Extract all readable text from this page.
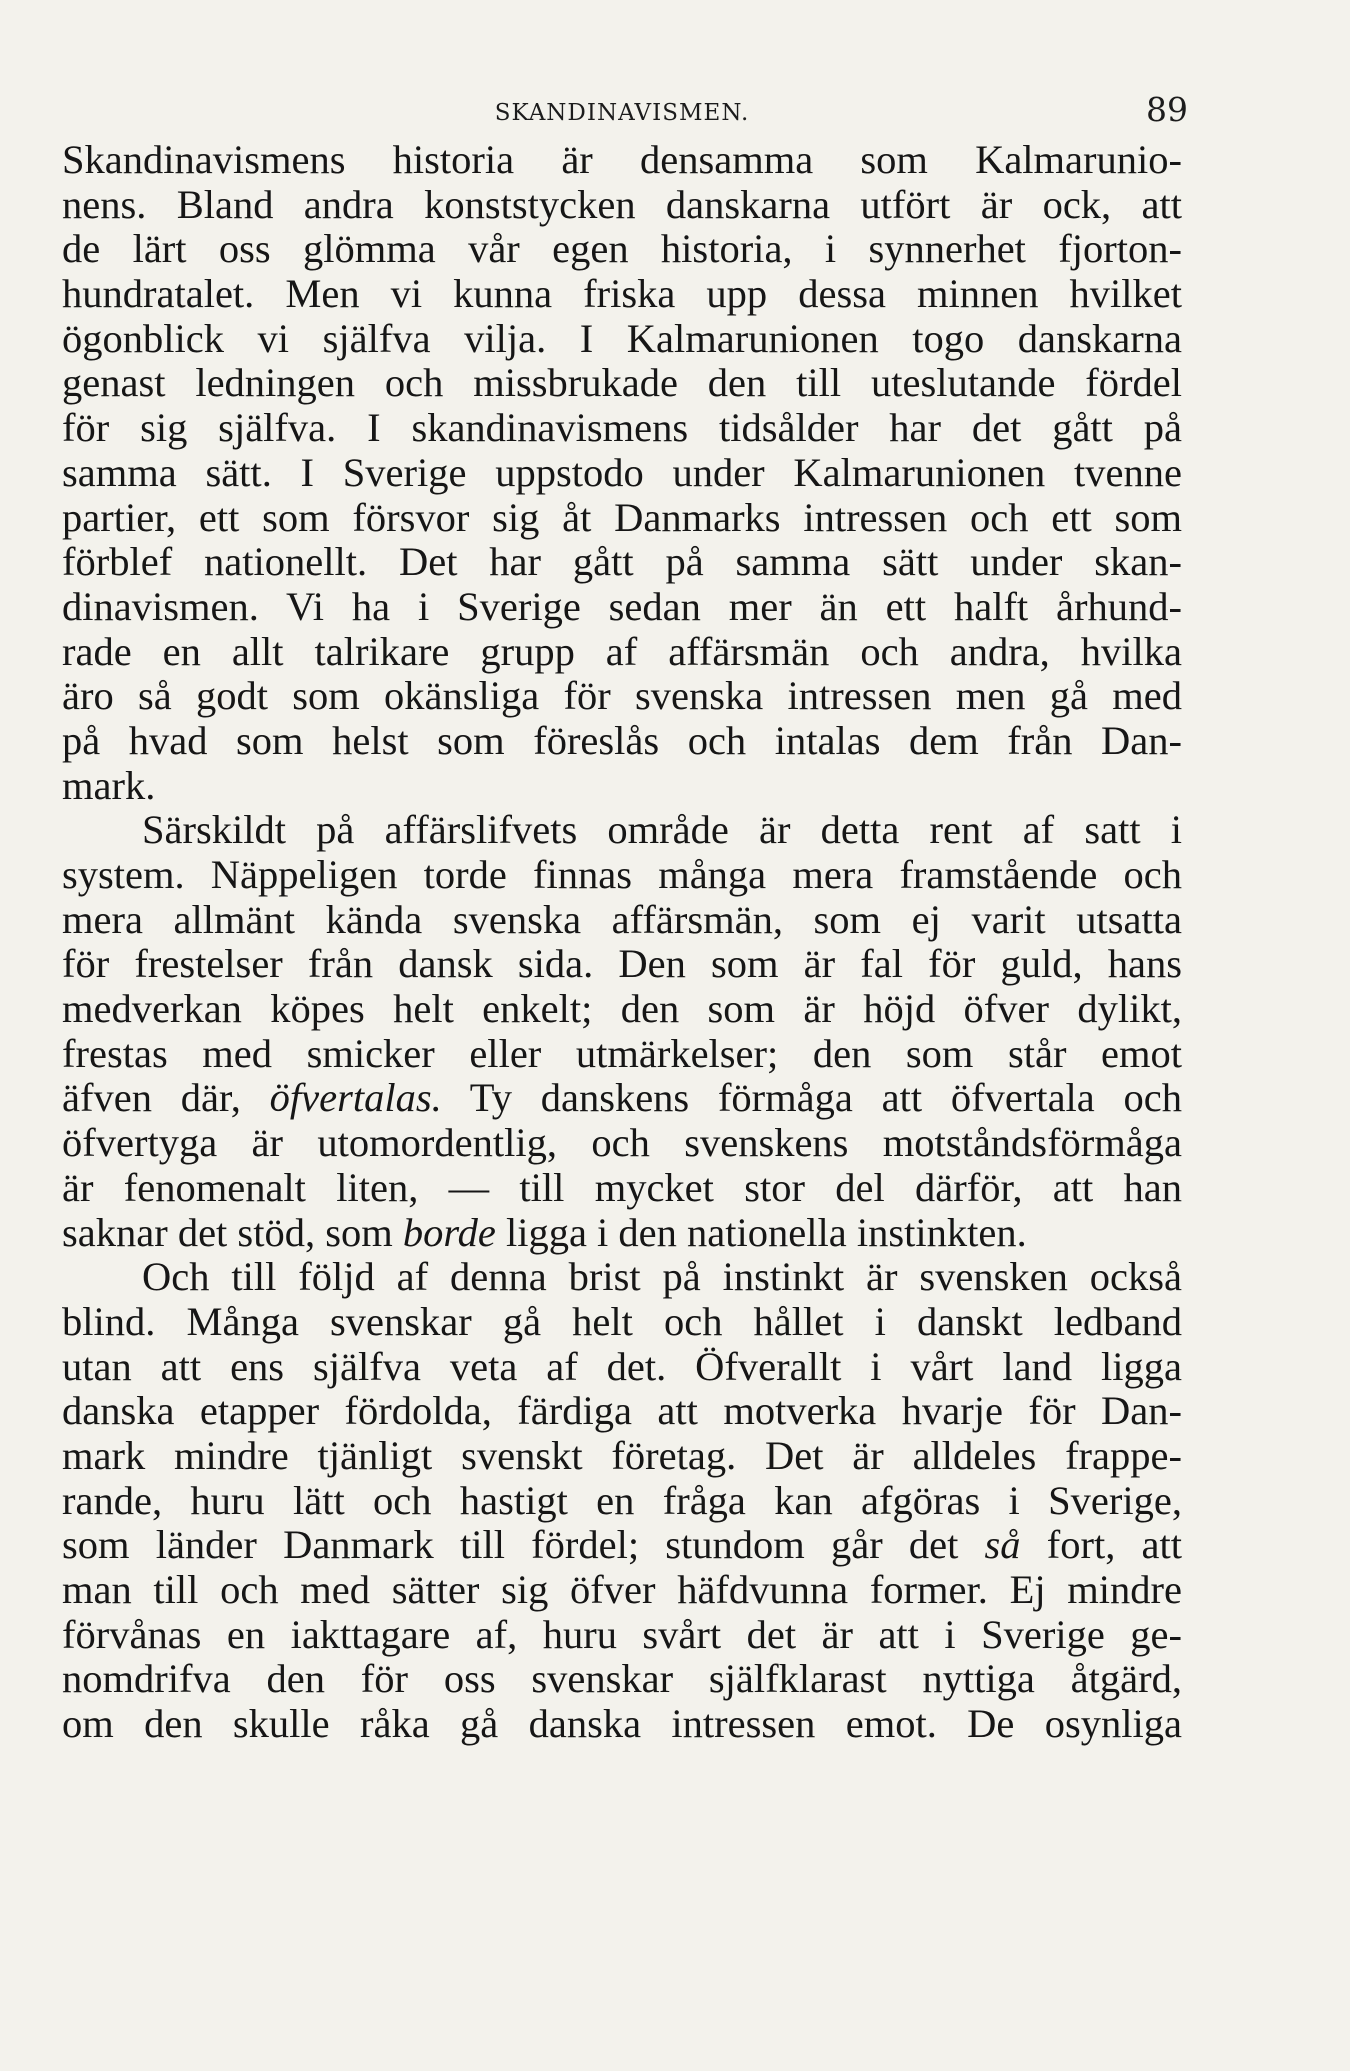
SKANDINAVISMEN.	89
Skandinavismens historia är densamma som Kalmarunio-
nens. Bland andra konststycken danskarna utfört är ock, att
de lärt oss glömma vår egen historia, i synnerhet fjorton-
hundratalet. Men vi kunna friska upp dessa minnen hvilket
ögonblick vi själfva vilja. I Kalmarunionen togo danskarna
genast ledningen och missbrukade den till uteslutande fördel
för sig själfva. I skandinavismens tidsålder har det gått på
samma sätt. I Sverige uppstodo under Kalmarunionen tvenne
partier, ett som försvor sig åt Danmarks intressen och ett som
förblef nationellt. Det har gått på samma sätt under skan-
dinavismen. Vi ha i Sverige sedan mer än ett halft århund-
rade en allt talrikare grupp af affärsmän och andra, hvilka
äro så godt som okänsliga för svenska intressen men gå med
på hvad som helst som föreslås och intalas dem från Dan-
mark.
Särskildt på affärslifvets område är detta rent af satt i
system. Näppeligen torde finnas många mera framstående och
mera allmänt kända svenska affärsmän, som ej varit utsatta
för frestelser från dansk sida. Den som är fal för guld, hans
medverkan köpes helt enkelt; den som är höjd öfver dylikt,
frestas med smicker eller utmärkelser; den som står emot
äfven där, öfvertalas. Ty danskens förmåga att öfvertala och
öfvertyga är utomordentlig, och svenskens motståndsförmåga
är fenomenalt liten, — till mycket stor del därför, att han
saknar det stöd, som borde ligga i den nationella instinkten.
Och till följd af denna brist på instinkt är svensken också
blind. Många svenskar gå helt och hållet i danskt ledband
utan att ens själfva veta af det. Öfverallt i vårt land ligga
danska etapper fördolda, färdiga att motverka hvarje för Dan-
mark mindre tjänligt svenskt företag. Det är alldeles frappe-
rande, huru lätt och hastigt en fråga kan afgöras i Sverige,
som länder Danmark till fördel; stundom går det så fort, att
man till och med sätter sig öfver häfdvunna former. Ej mindre
förvånas en iakttagare af, huru svårt det är att i Sverige ge-
nomdrifva den för oss svenskar själfklarast nyttiga åtgärd,
om den skulle råka gå danska intressen emot. De osynliga
